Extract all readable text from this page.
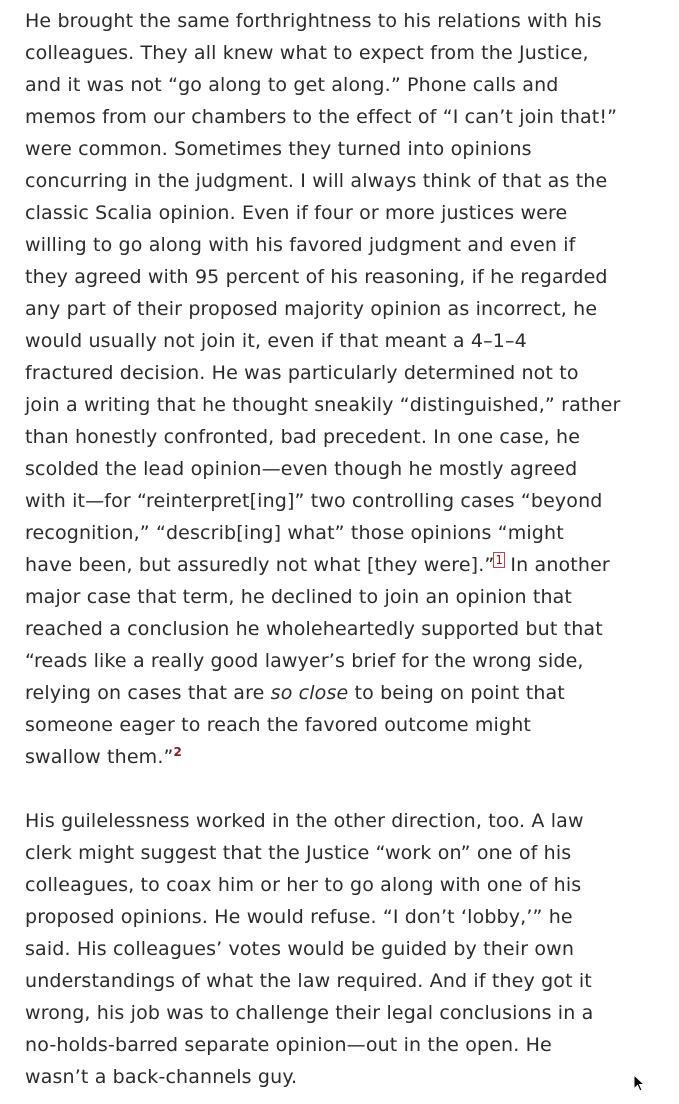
He brought the same forthrightness to his relations with his
colleagues. They all knew what to expect from the Justice,
and it was not “go along to get along.” Phone calls and
memos from our chambers to the effect of “I can’t join that!”
were common. Sometimes they turned into opinions
concurring in the judgment. I will always think of that as the
classic Scalia opinion. Even if four or more justices were
willing to go along with his favored judgment and even if
they agreed with 95 percent of his reasoning, if he regarded
any part of their proposed majority opinion as incorrect, he
would usually not join it, even if that meant a 4–1–4
fractured decision. He was particularly determined not to
join a writing that he thought sneakily “distinguished,” rather
than honestly confronted, bad precedent. In one case, he
scolded the lead opinion—even though he mostly agreed
with it—for “reinterpret[ing]” two controlling cases “beyond
recognition,” “describ[ing] what” those opinions “might
have been, but assuredly not what [they were].”$^1$ In another
major case that term, he declined to join an opinion that
reached a conclusion he wholeheartedly supported but that
“reads like a really good lawyer’s brief for the wrong side,
relying on cases that are so close to being on point that
someone eager to reach the favored outcome might
swallow them.”$^2$
His guilelessness worked in the other direction, too. A law
clerk might suggest that the Justice “work on” one of his
colleagues, to coax him or her to go along with one of his
proposed opinions. He would refuse. “I don’t ‘lobby,’” he
said. His colleagues’ votes would be guided by their own
understandings of what the law required. And if they got it
wrong, his job was to challenge their legal conclusions in a
no-holds-barred separate opinion—out in the open. He
wasn’t a back-channels guy.
